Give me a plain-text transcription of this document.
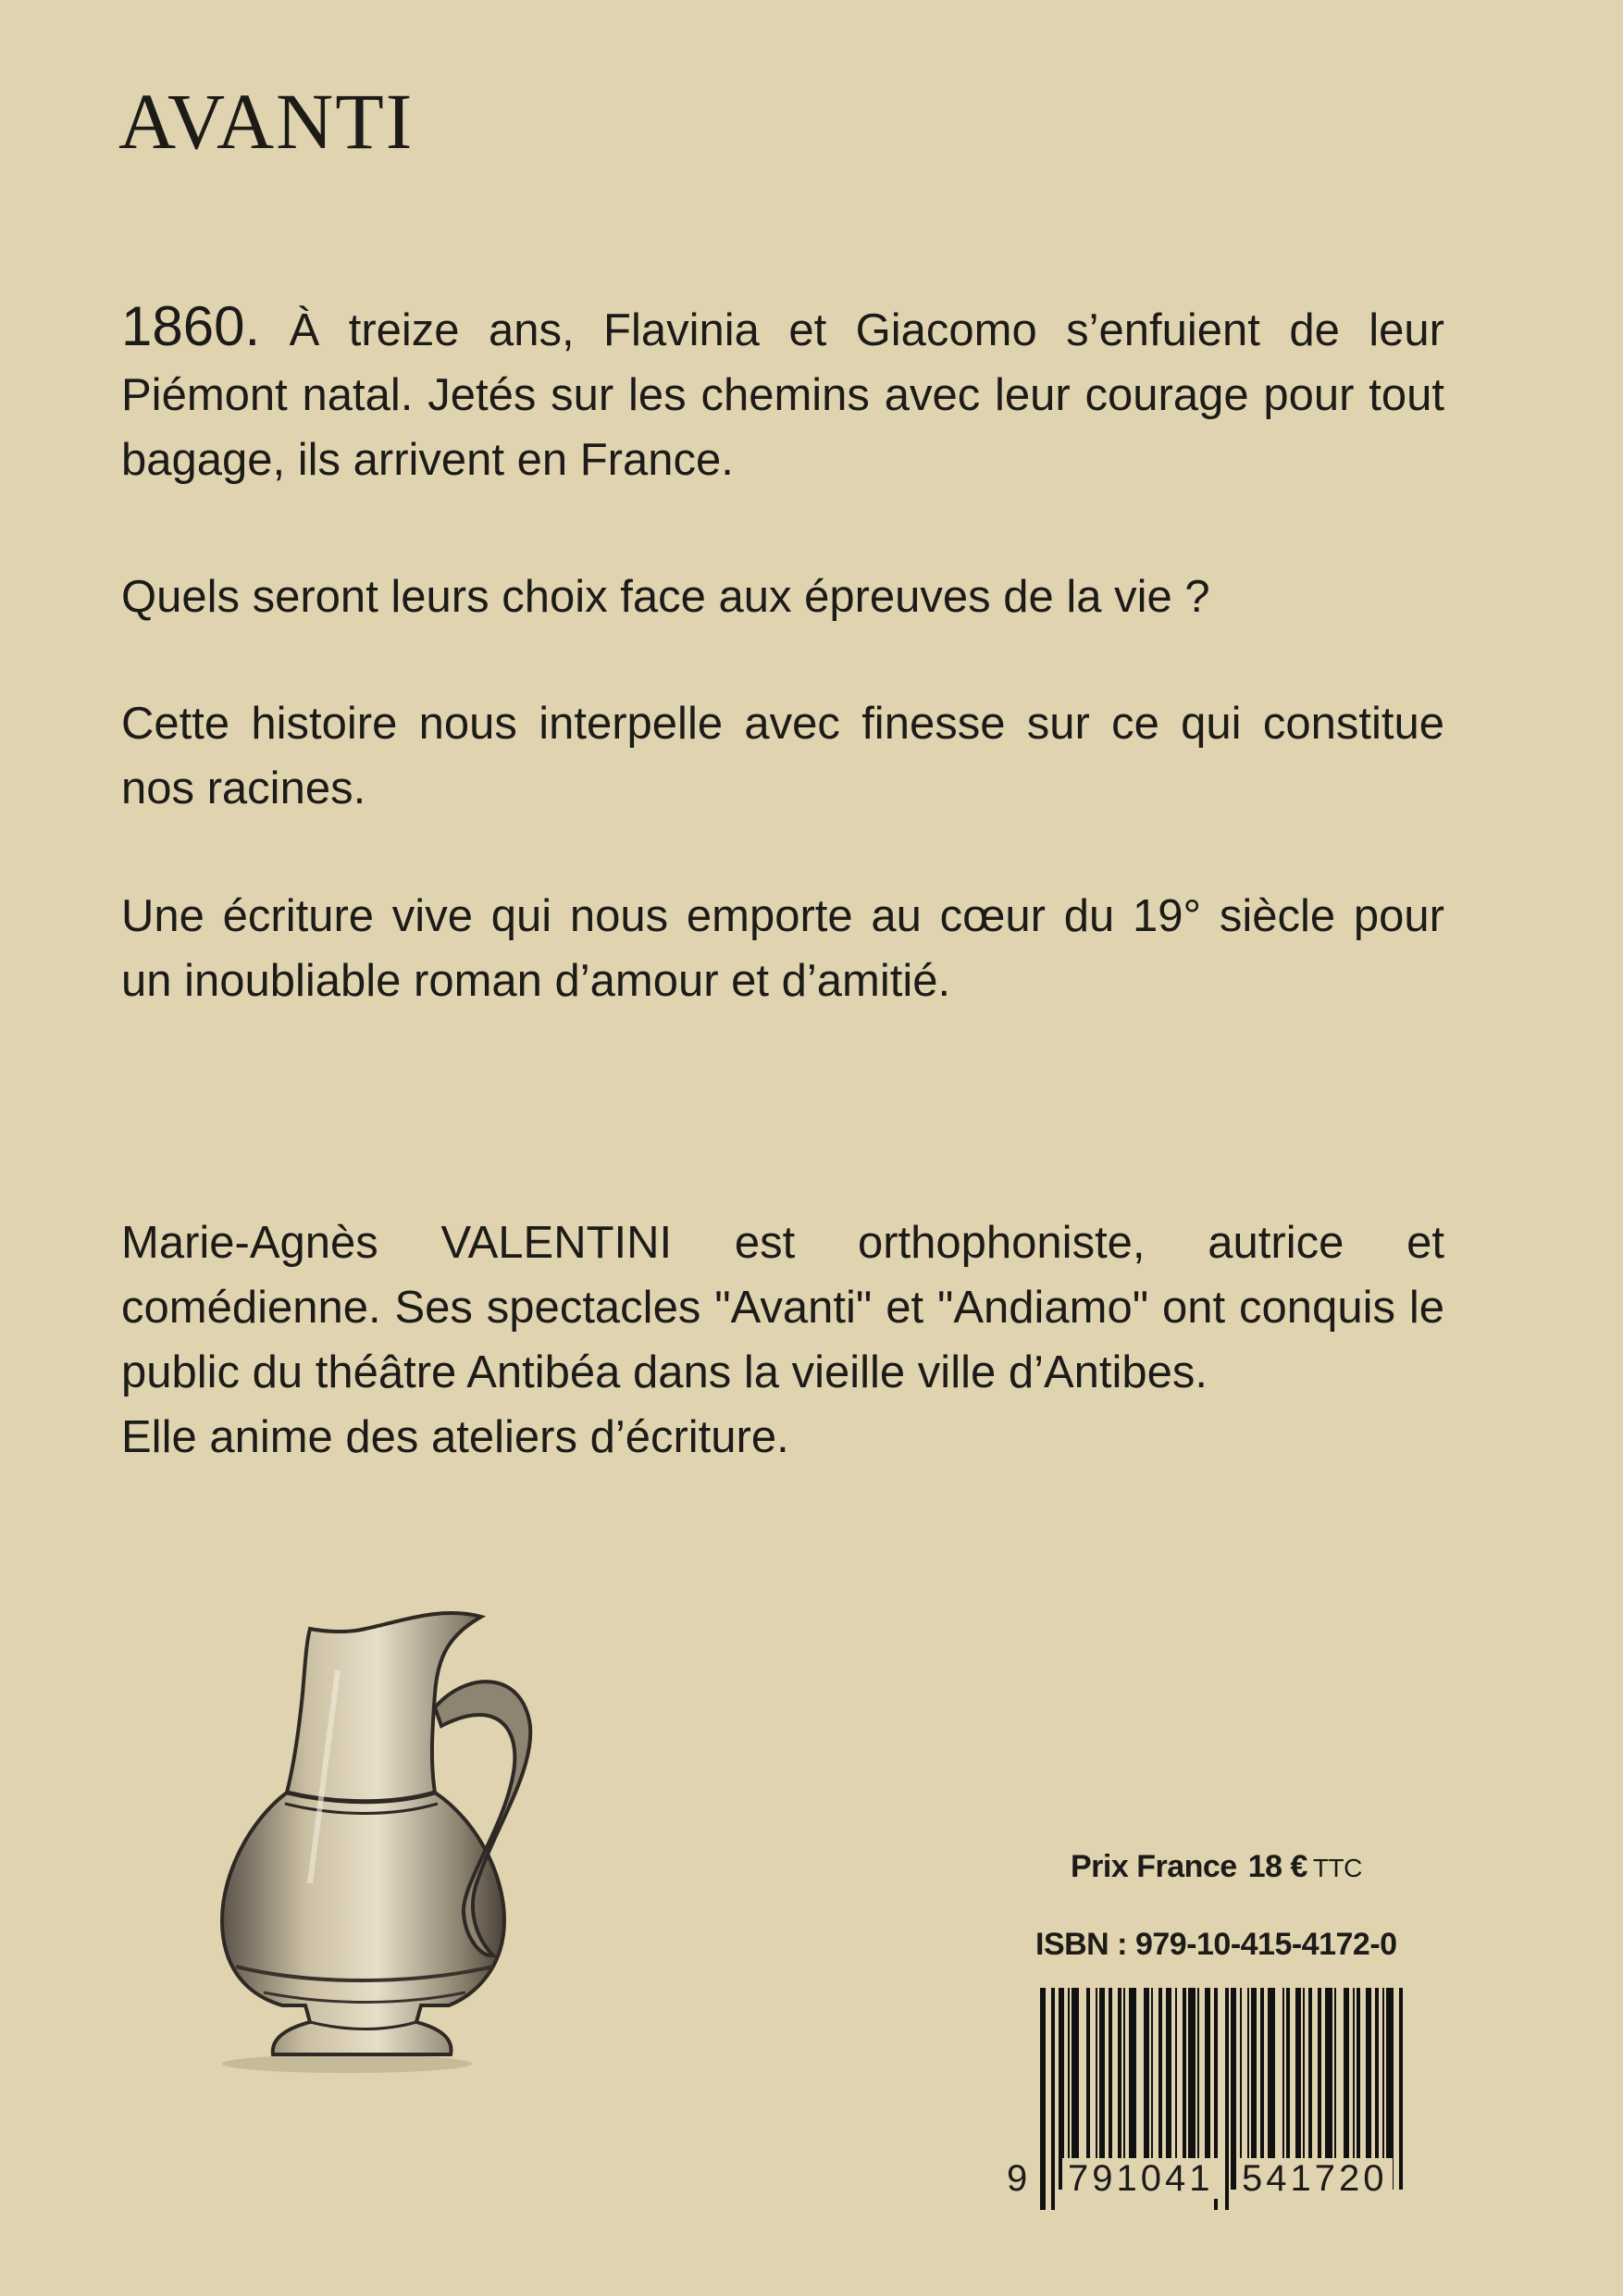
AVANTI

1860. À treize ans, Flavinia et Giacomo s’enfuient de leur Piémont natal. Jetés sur les chemins avec leur courage pour tout bagage, ils arrivent en France.

Quels seront leurs choix face aux épreuves de la vie ?

Cette histoire nous interpelle avec finesse sur ce qui constitue nos racines.

Une écriture vive qui nous emporte au cœur du 19° siècle pour un inoubliable roman d’amour et d’amitié.

Marie-Agnès VALENTINI est orthophoniste, autrice et comédienne. Ses spectacles "Avanti" et "Andiamo" ont conquis le public du théâtre Antibéa dans la vieille ville d’Antibes.

Elle anime des ateliers d’écriture.

Prix France 18 € TTC
ISBN : 979-10-415-4172-0
9 791041 541720
